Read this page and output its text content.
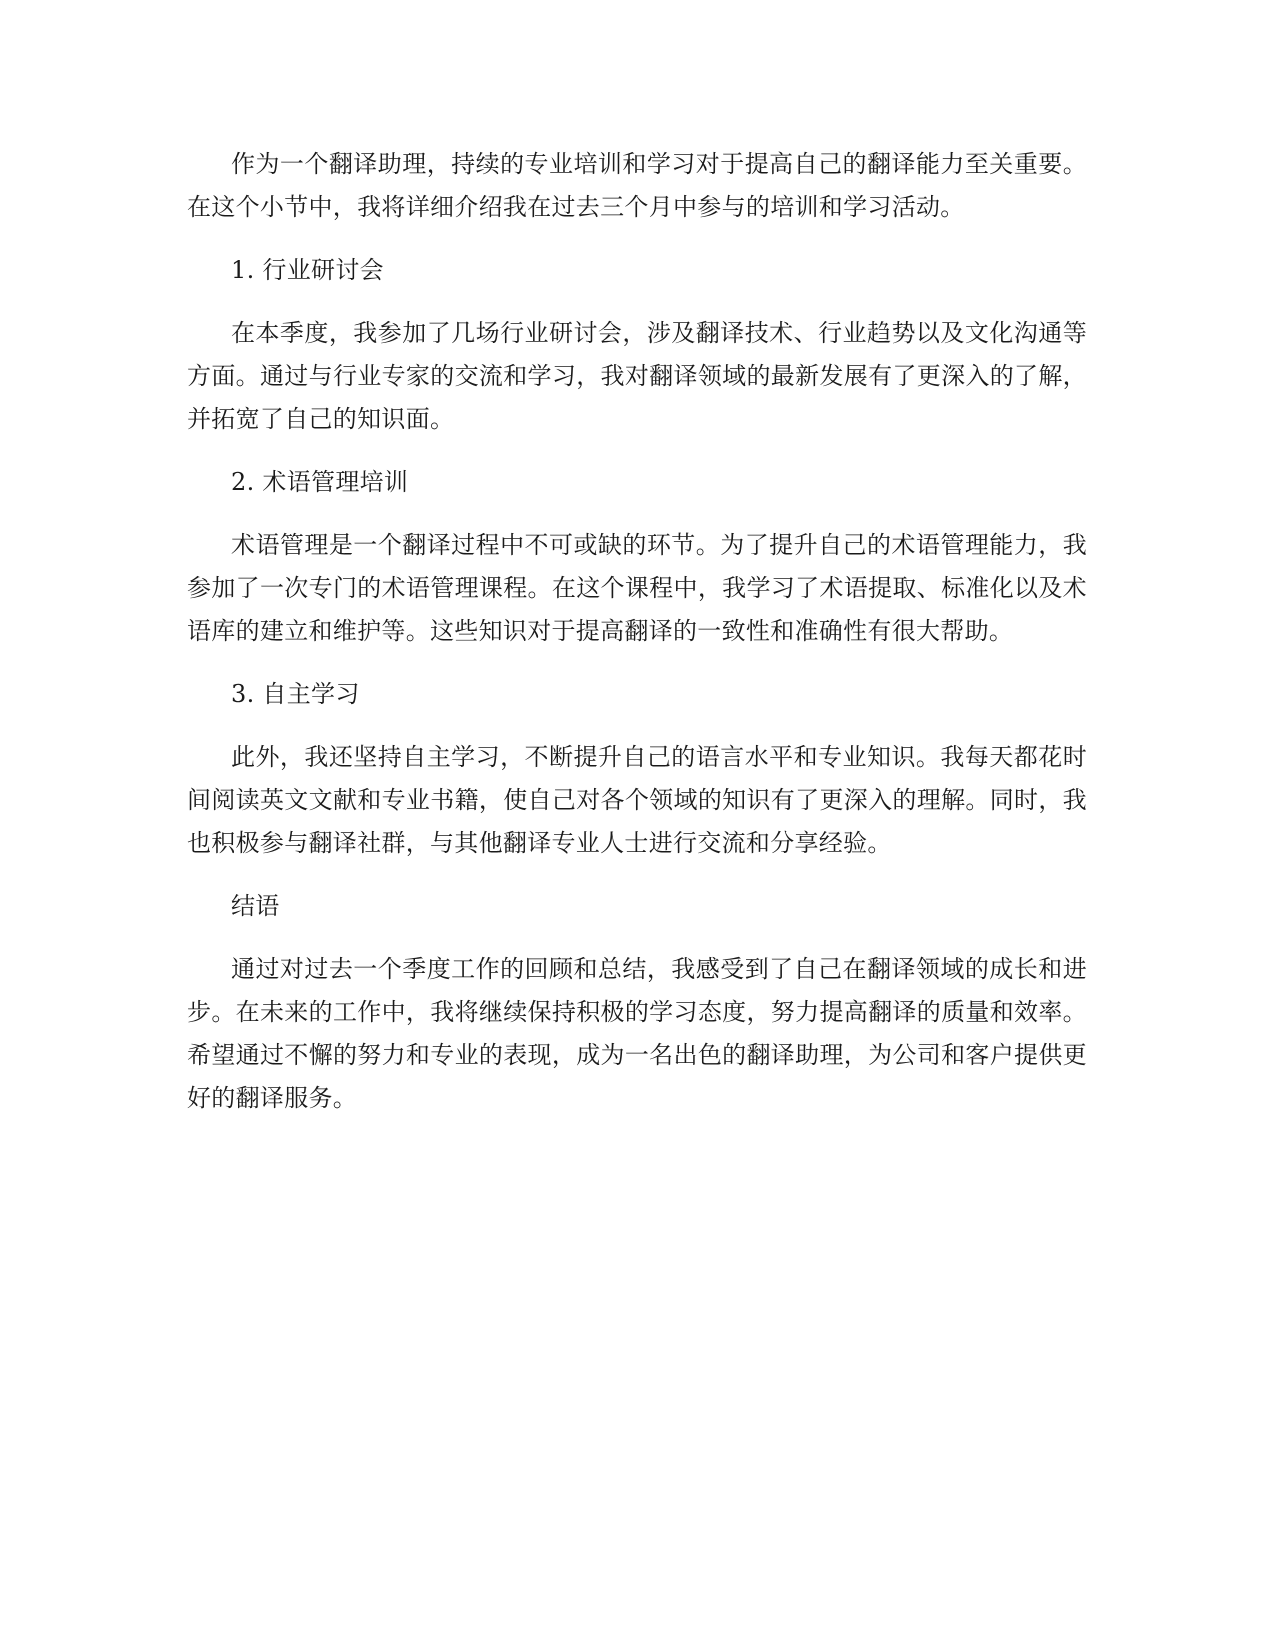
作为一个翻译助理，持续的专业培训和学习对于提高自己的翻译能力至关重要。在这个小节中，我将详细介绍我在过去三个月中参与的培训和学习活动。

1. 行业研讨会

在本季度，我参加了几场行业研讨会，涉及翻译技术、行业趋势以及文化沟通等方面。通过与行业专家的交流和学习，我对翻译领域的最新发展有了更深入的了解，并拓宽了自己的知识面。

2. 术语管理培训

术语管理是一个翻译过程中不可或缺的环节。为了提升自己的术语管理能力，我参加了一次专门的术语管理课程。在这个课程中，我学习了术语提取、标准化以及术语库的建立和维护等。这些知识对于提高翻译的一致性和准确性有很大帮助。

3. 自主学习

此外，我还坚持自主学习，不断提升自己的语言水平和专业知识。我每天都花时间阅读英文文献和专业书籍，使自己对各个领域的知识有了更深入的理解。同时，我也积极参与翻译社群，与其他翻译专业人士进行交流和分享经验。

结语

通过对过去一个季度工作的回顾和总结，我感受到了自己在翻译领域的成长和进步。在未来的工作中，我将继续保持积极的学习态度，努力提高翻译的质量和效率。希望通过不懈的努力和专业的表现，成为一名出色的翻译助理，为公司和客户提供更好的翻译服务。
